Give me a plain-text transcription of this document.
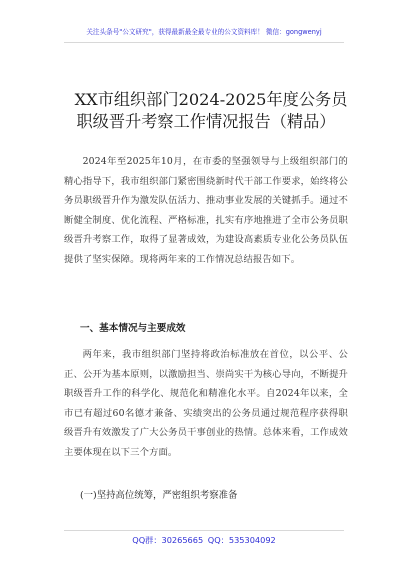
关注头条号"公文研究"，获得最新最全最专业的公文资料库！ 微信：gongwenyj
XX市组织部门2024-2025年度公务员
职级晋升考察工作情况报告（精品）

2024年至2025年10月，在市委的坚强领导与上级组织部门的精心指导下，我市组织部门紧密围绕新时代干部工作要求，始终将公务员职级晋升作为激发队伍活力、推动事业发展的关键抓手。通过不断健全制度、优化流程、严格标准，扎实有序地推进了全市公务员职级晋升考察工作，取得了显著成效，为建设高素质专业化公务员队伍提供了坚实保障。现将两年来的工作情况总结报告如下。

一、基本情况与主要成效

两年来，我市组织部门坚持将政治标准放在首位，以公平、公正、公开为基本原则，以激励担当、崇尚实干为核心导向，不断提升职级晋升工作的科学化、规范化和精准化水平。自2024年以来，全市已有超过60名德才兼备、实绩突出的公务员通过规范程序获得职级晋升有效激发了广大公务员干事创业的热情。总体来看，工作成效主要体现在以下三个方面。

(一)坚持高位统筹，严密组织考察准备
QQ群：30265665 QQ：535304092
